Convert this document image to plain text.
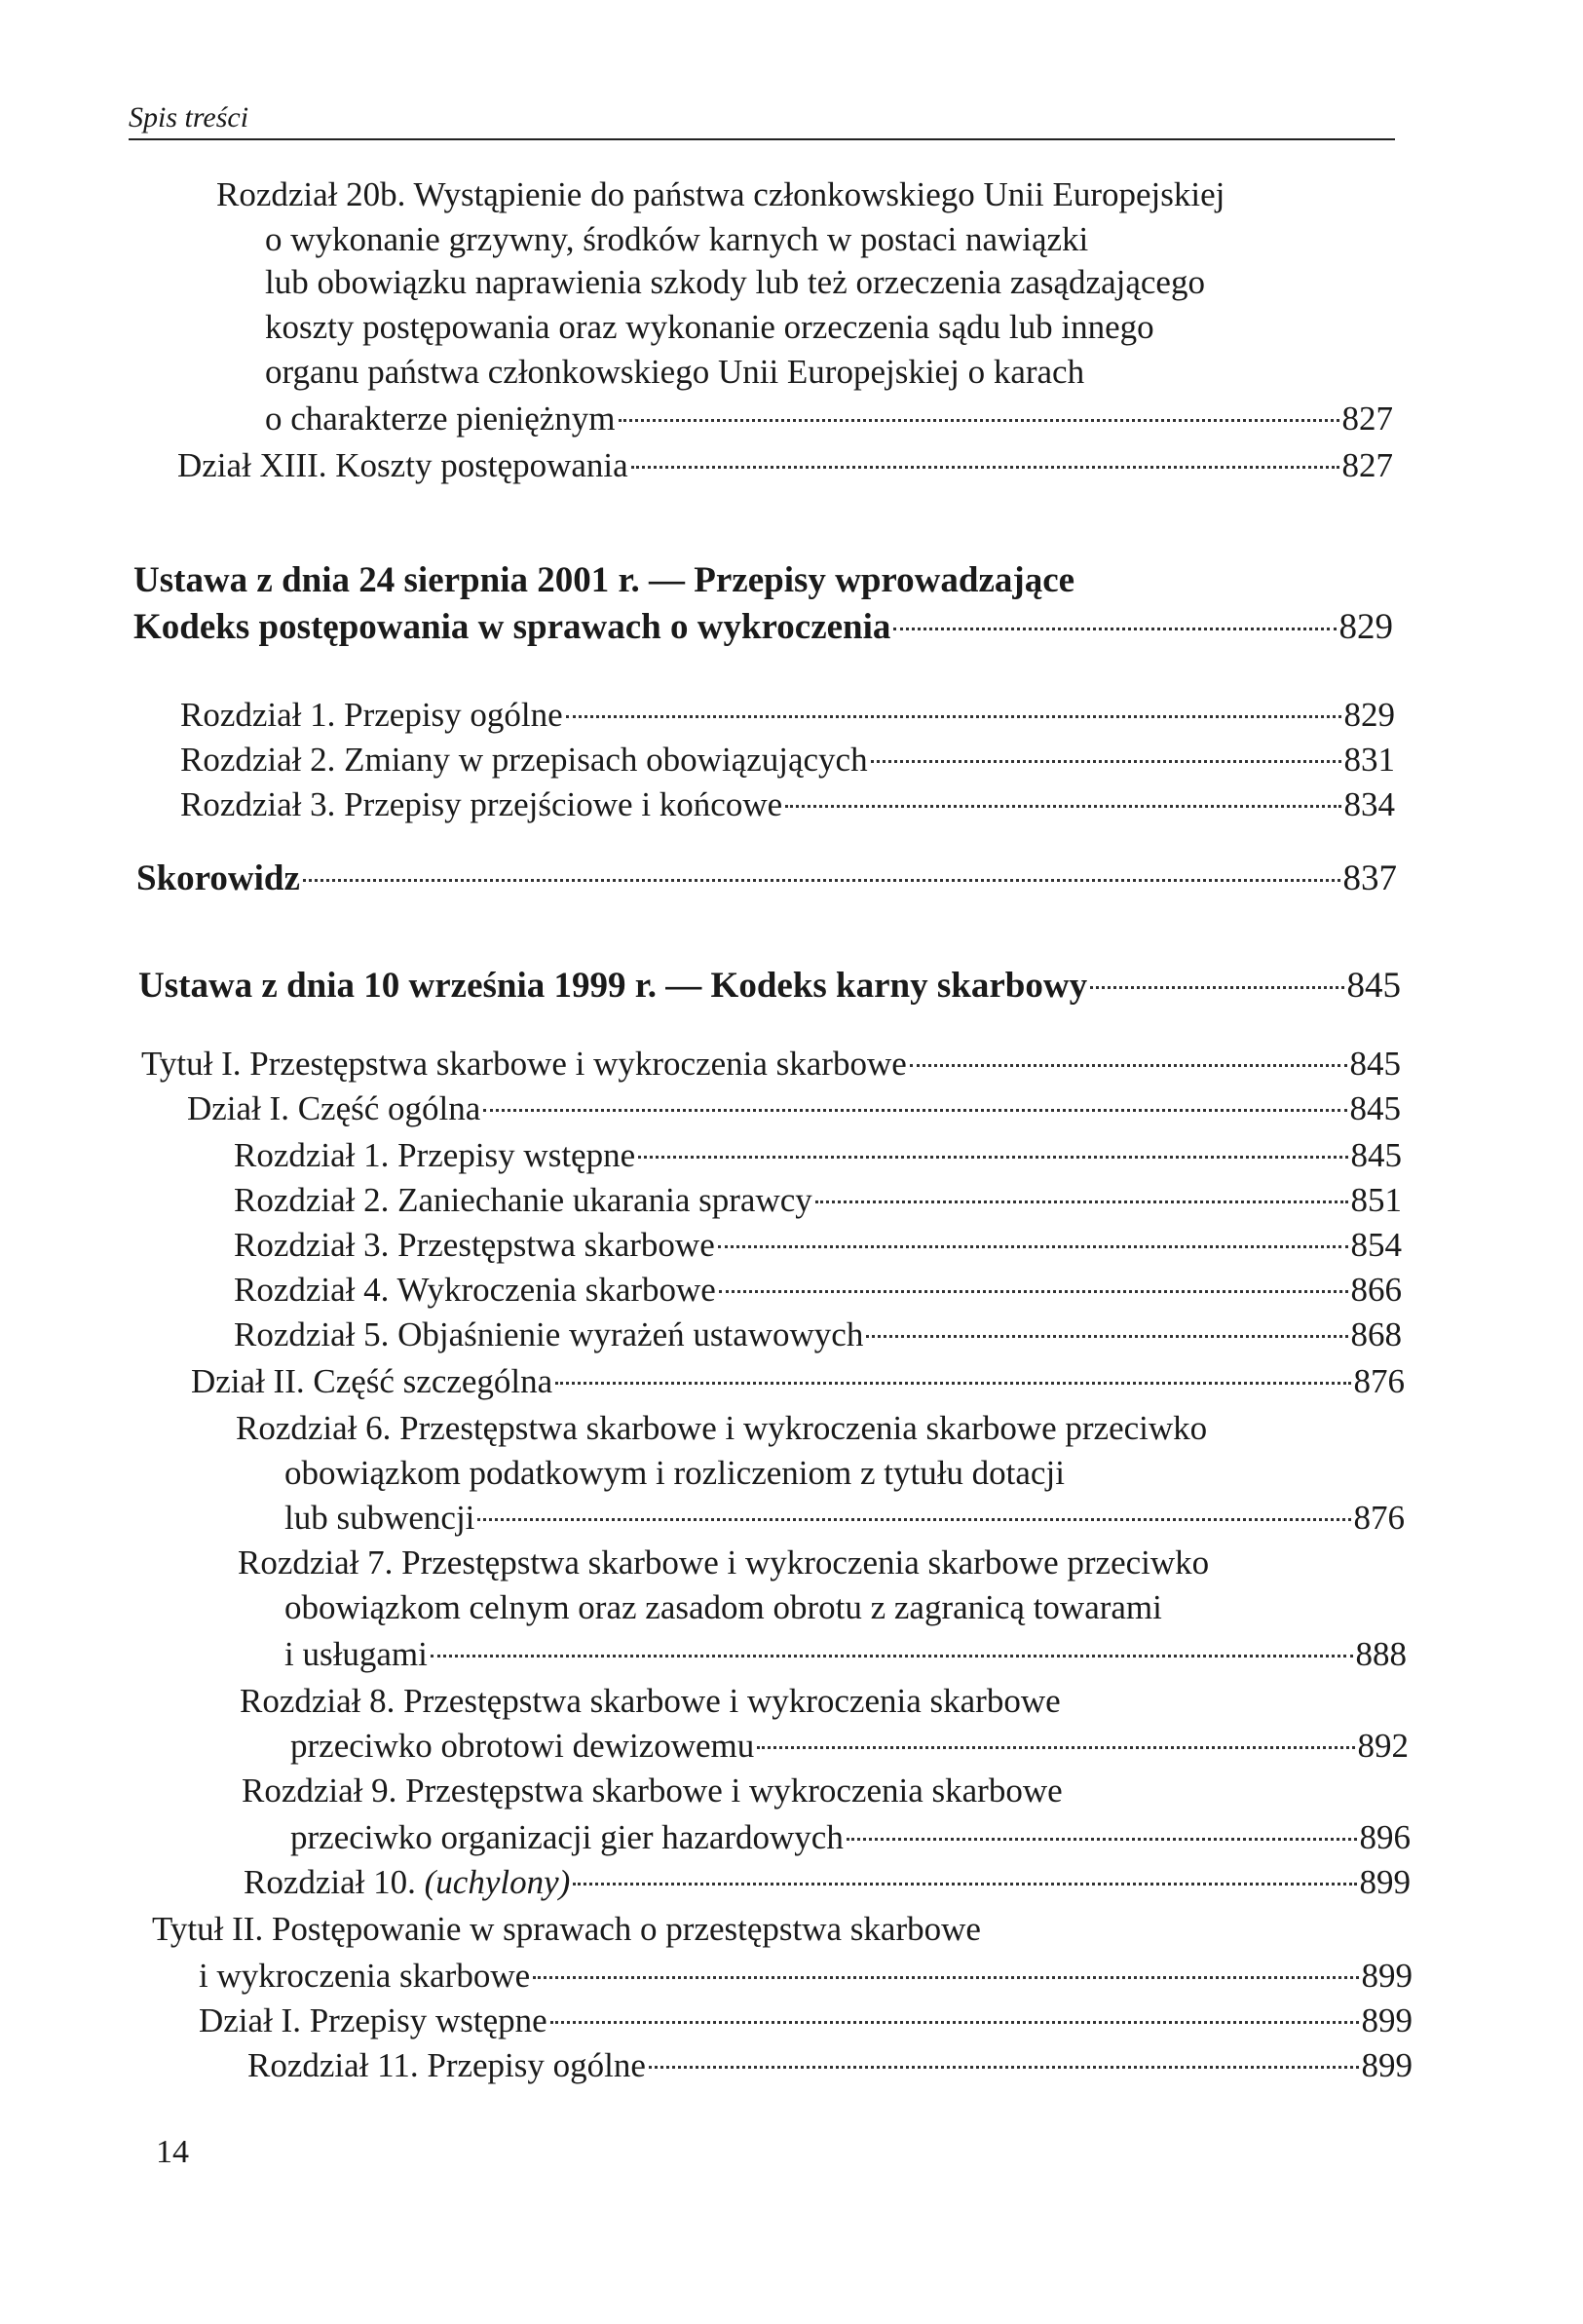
Spis treści
Rozdział 20b. Wystąpienie do państwa członkowskiego Unii Europejskiej
o wykonanie grzywny, środków karnych w postaci nawiązki
lub obowiązku naprawienia szkody lub też orzeczenia zasądzającego
koszty postępowania oraz wykonanie orzeczenia sądu lub innego
organu państwa członkowskiego Unii Europejskiej o karach
o charakterze pieniężnym	827
Dział XIII. Koszty postępowania	827
Ustawa z dnia 24 sierpnia 2001 r. — Przepisy wprowadzające
Kodeks postępowania w sprawach o wykroczenia	829
Rozdział 1. Przepisy ogólne	829
Rozdział 2. Zmiany w przepisach obowiązujących	831
Rozdział 3. Przepisy przejściowe i końcowe	834
Skorowidz	837
Ustawa z dnia 10 września 1999 r. — Kodeks karny skarbowy	845
Tytuł I. Przestępstwa skarbowe i wykroczenia skarbowe	845
Dział I. Część ogólna	845
Rozdział 1. Przepisy wstępne	845
Rozdział 2. Zaniechanie ukarania sprawcy	851
Rozdział 3. Przestępstwa skarbowe	854
Rozdział 4. Wykroczenia skarbowe	866
Rozdział 5. Objaśnienie wyrażeń ustawowych	868
Dział II. Część szczególna	876
Rozdział 6. Przestępstwa skarbowe i wykroczenia skarbowe przeciwko
obowiązkom podatkowym i rozliczeniom z tytułu dotacji
lub subwencji	876
Rozdział 7. Przestępstwa skarbowe i wykroczenia skarbowe przeciwko
obowiązkom celnym oraz zasadom obrotu z zagranicą towarami
i usługami	888
Rozdział 8. Przestępstwa skarbowe i wykroczenia skarbowe
przeciwko obrotowi dewizowemu	892
Rozdział 9. Przestępstwa skarbowe i wykroczenia skarbowe
przeciwko organizacji gier hazardowych	896
Rozdział 10. (uchylony)	899
Tytuł II. Postępowanie w sprawach o przestępstwa skarbowe
i wykroczenia skarbowe	899
Dział I. Przepisy wstępne	899
Rozdział 11. Przepisy ogólne	899
14
